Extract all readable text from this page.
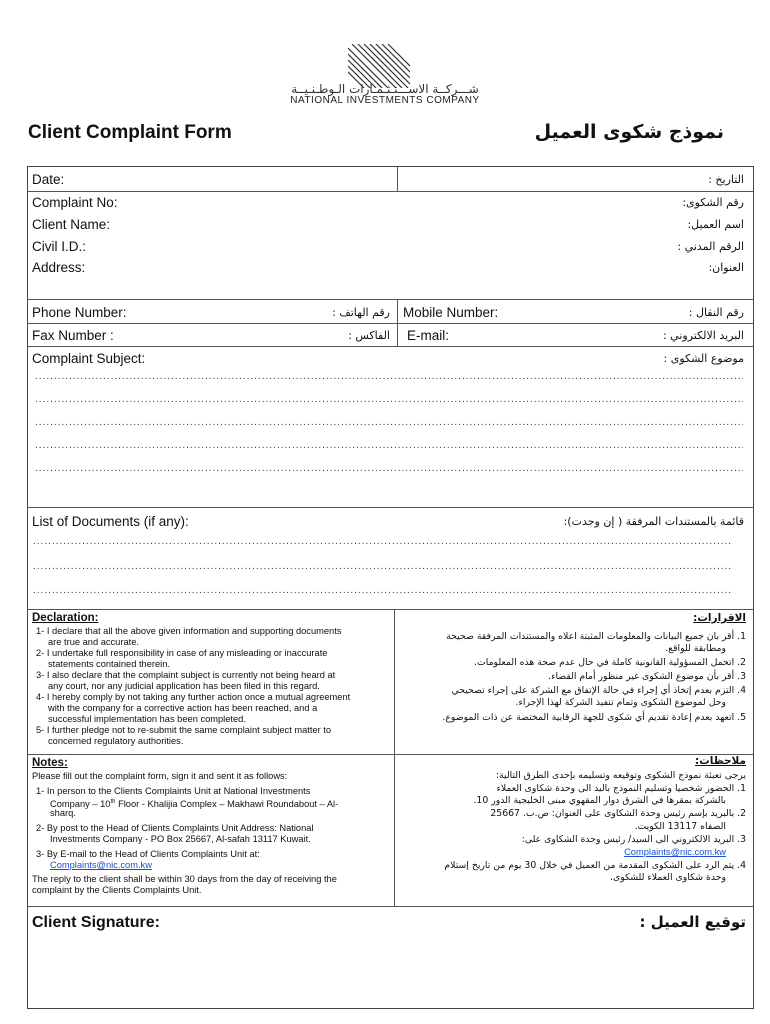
شـــركــة الاســـتـثـمـارات الـوطـنـيــة
NATIONAL INVESTMENTS COMPANY
Client Complaint Form	نموذج شكوى العميل
Date:	التاريخ :
Complaint No:	رقم الشكوى:
Client Name:	اسم العميل:
Civil I.D.:	الرقم المدني :
Address:	العنوان:
Phone Number:	رقم الهاتف : Mobile Number:	رقم النقال :
Fax Number :	الفاكس : E-mail:	البريد الالكتروني :
Complaint Subject:	موضوع الشكوى :
.....
.....
.....
.....
.....
List of Documents (if any):	قائمة بالمستندات المرفقة ( إن وجدت):
.....
.....
.....
Declaration:
1- I declare that all the above given information and supporting documents
are true and accurate.
2- I undertake full responsibility in case of any misleading or inaccurate
statements contained therein.
3- I also declare that the complaint subject is currently not being heard at
any court, nor any judicial application has been filed in this regard.
4- I hereby comply by not taking any further action once a mutual agreement
with the company for a corrective action has been reached, and a
successful implementation has been completed.
5- I further pledge not to re-submit the same complaint subject matter to
concerned regulatory authorities.
الاقرارات:
1. أقر بان جميع البيانات والمعلومات المثبتة اعلاه والمستندات المرفقة صحيحة
ومطابقة للواقع.
2. اتحمل المسؤولية القانونية كاملة في حال عدم صحة هذه المعلومات.
3. أقر بأن موضوع الشكوى غير منظور أمام القضاء.
4. التزم بعدم إتخاذ أي إجراء في حالة الإتفاق مع الشركة على إجراء تصحيحي
وحل لموضوع الشكوى وتمام تنفيذ الشركة لهذا الإجراء.
5. اتعهد بعدم إعادة تقديم أي شكوى للجهة الرقابية المختصة عن ذات الموضوع.
Notes:
Please fill out the complaint form, sign it and sent it as follows:
1- In person to the Clients Complaints Unit at National Investments
Company – 10th Floor - Khalijia Complex – Makhawi Roundabout – Al-
sharq.
2- By post to the Head of Clients Complaints Unit Address: National
Investments Company - PO Box 25667, Al-safah 13117 Kuwait.
3- By E-mail to the Head of Clients Complaints Unit at:
Complaints@nic.com.kw
The reply to the client shall be within 30 days from the day of receiving the
complaint by the Clients Complaints Unit.
ملاحظات:
يرجى تعبئة نموذج الشكوى وتوقيعه وتسليمه بإحدى الطرق التالية:
1. الحضور شخصيا وتسليم النموذج باليد الى وحدة شكاوى العملاء
بالشركة بمقرها في الشرق دوار المقهوي مبنى الخليجية الدور 10.
2. بالبريد بإسم رئيس وحدة الشكاوى على العنوان: ص.ب. 25667
الصفاه 13117 الكويت.
3. البريد الالكتروني الى السيد/ رئيس وحدة الشكاوى على:
Complaints@nic.com.kw
4. يتم الرد على الشكوى المقدمة من العميل في خلال 30 يوم من تاريخ إستلام
وحدة شكاوى العملاء للشكوى.
Client Signature:	توقيع العميل :
